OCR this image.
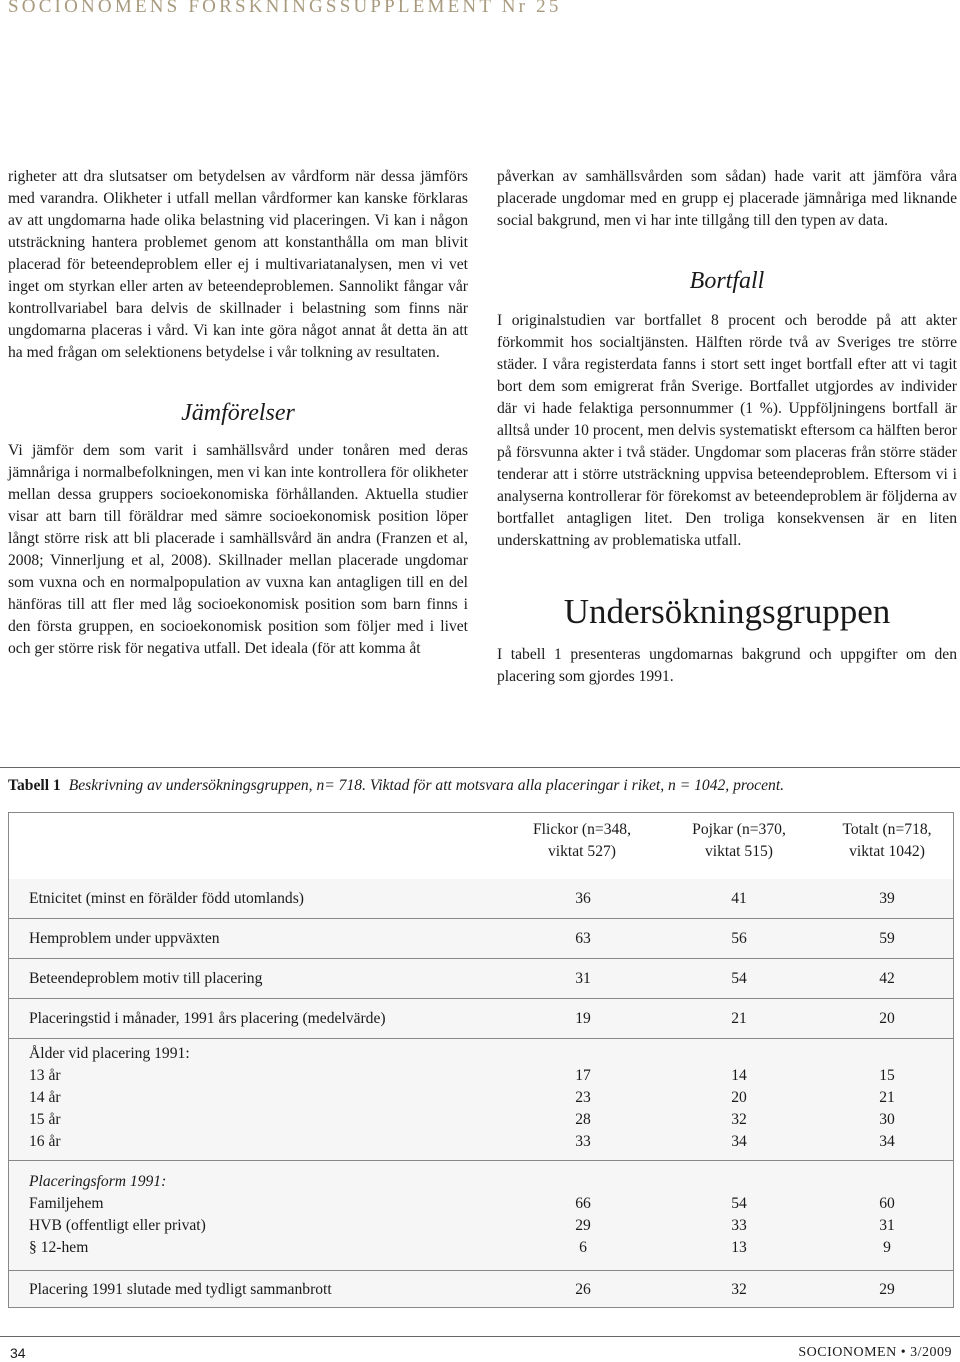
SOCIONOMENS FORSKNINGSSUPPLEMENT Nr 25

righeter att dra slutsatser om betydelsen av vårdform när dessa jämförs med varandra. Olikheter i utfall mellan vårdformer kan kanske förklaras av att ungdomarna hade olika belastning vid placeringen. Vi kan i någon utsträckning hantera problemet genom att konstanthålla om man blivit placerad för beteendeproblem eller ej i multivariatanalysen, men vi vet inget om styrkan eller arten av beteendeproblemen. Sannolikt fångar vår kontrollvariabel bara delvis de skillnader i belastning som finns när ungdomarna placeras i vård. Vi kan inte göra något annat åt detta än att ha med frågan om selektionens betydelse i vår tolkning av resultaten.

Jämförelser

Vi jämför dem som varit i samhällsvård under tonåren med deras jämnåriga i normalbefolkningen, men vi kan inte kontrollera för olikheter mellan dessa gruppers socioekonomiska förhållanden. Aktuella studier visar att barn till föräldrar med sämre socioekonomisk position löper långt större risk att bli placerade i samhällsvård än andra (Franzen et al, 2008; Vinnerljung et al, 2008). Skillnader mellan placerade ungdomar som vuxna och en normalpopulation av vuxna kan antagligen till en del hänföras till att fler med låg socioekonomisk position som barn finns i den första gruppen, en socioekonomisk position som följer med i livet och ger större risk för negativa utfall. Det ideala (för att komma åt

påverkan av samhällsvården som sådan) hade varit att jämföra våra placerade ungdomar med en grupp ej placerade jämnåriga med liknande social bakgrund, men vi har inte tillgång till den typen av data.

Bortfall

I originalstudien var bortfallet 8 procent och berodde på att akter förkommit hos socialtjänsten. Hälften rörde två av Sveriges tre större städer. I våra registerdata fanns i stort sett inget bortfall efter att vi tagit bort dem som emigrerat från Sverige. Bortfallet utgjordes av individer där vi hade felaktiga personnummer (1 %). Uppföljningens bortfall är alltså under 10 procent, men delvis systematiskt eftersom ca hälften beror på försvunna akter i två städer. Ungdomar som placeras från större städer tenderar att i större utsträckning uppvisa beteendeproblem. Eftersom vi i analyserna kontrollerar för förekomst av beteendeproblem är följderna av bortfallet antagligen litet. Den troliga konsekvensen är en liten underskattning av problematiska utfall.

Undersökningsgruppen

I tabell 1 presenteras ungdomarnas bakgrund och uppgifter om den placering som gjordes 1991.

Tabell 1 Beskrivning av undersökningsgruppen, n= 718. Viktad för att motsvara alla placeringar i riket, n = 1042, procent.
Flickor (n=348,
viktat 527)
Pojkar (n=370,
viktat 515)
Totalt (n=718,
viktat 1042)
Etnicitet (minst en förälder född utomlands)	36	41	39
Hemproblem under uppväxten	63	56	59
Beteendeproblem motiv till placering	31	54	42
Placeringstid i månader, 1991 års placering (medelvärde)	19	21	20
Ålder vid placering 1991:
13 år	17	14	15
14 år	23	20	21
15 år	28	32	30
16 år	33	34	34
Placeringsform 1991:
Familjehem	66	54	60
HVB (offentligt eller privat)	29	33	31
§ 12-hem	6	13	9
Placering 1991 slutade med tydligt sammanbrott	26	32	29
34	SOCIONOMEN • 3/2009
